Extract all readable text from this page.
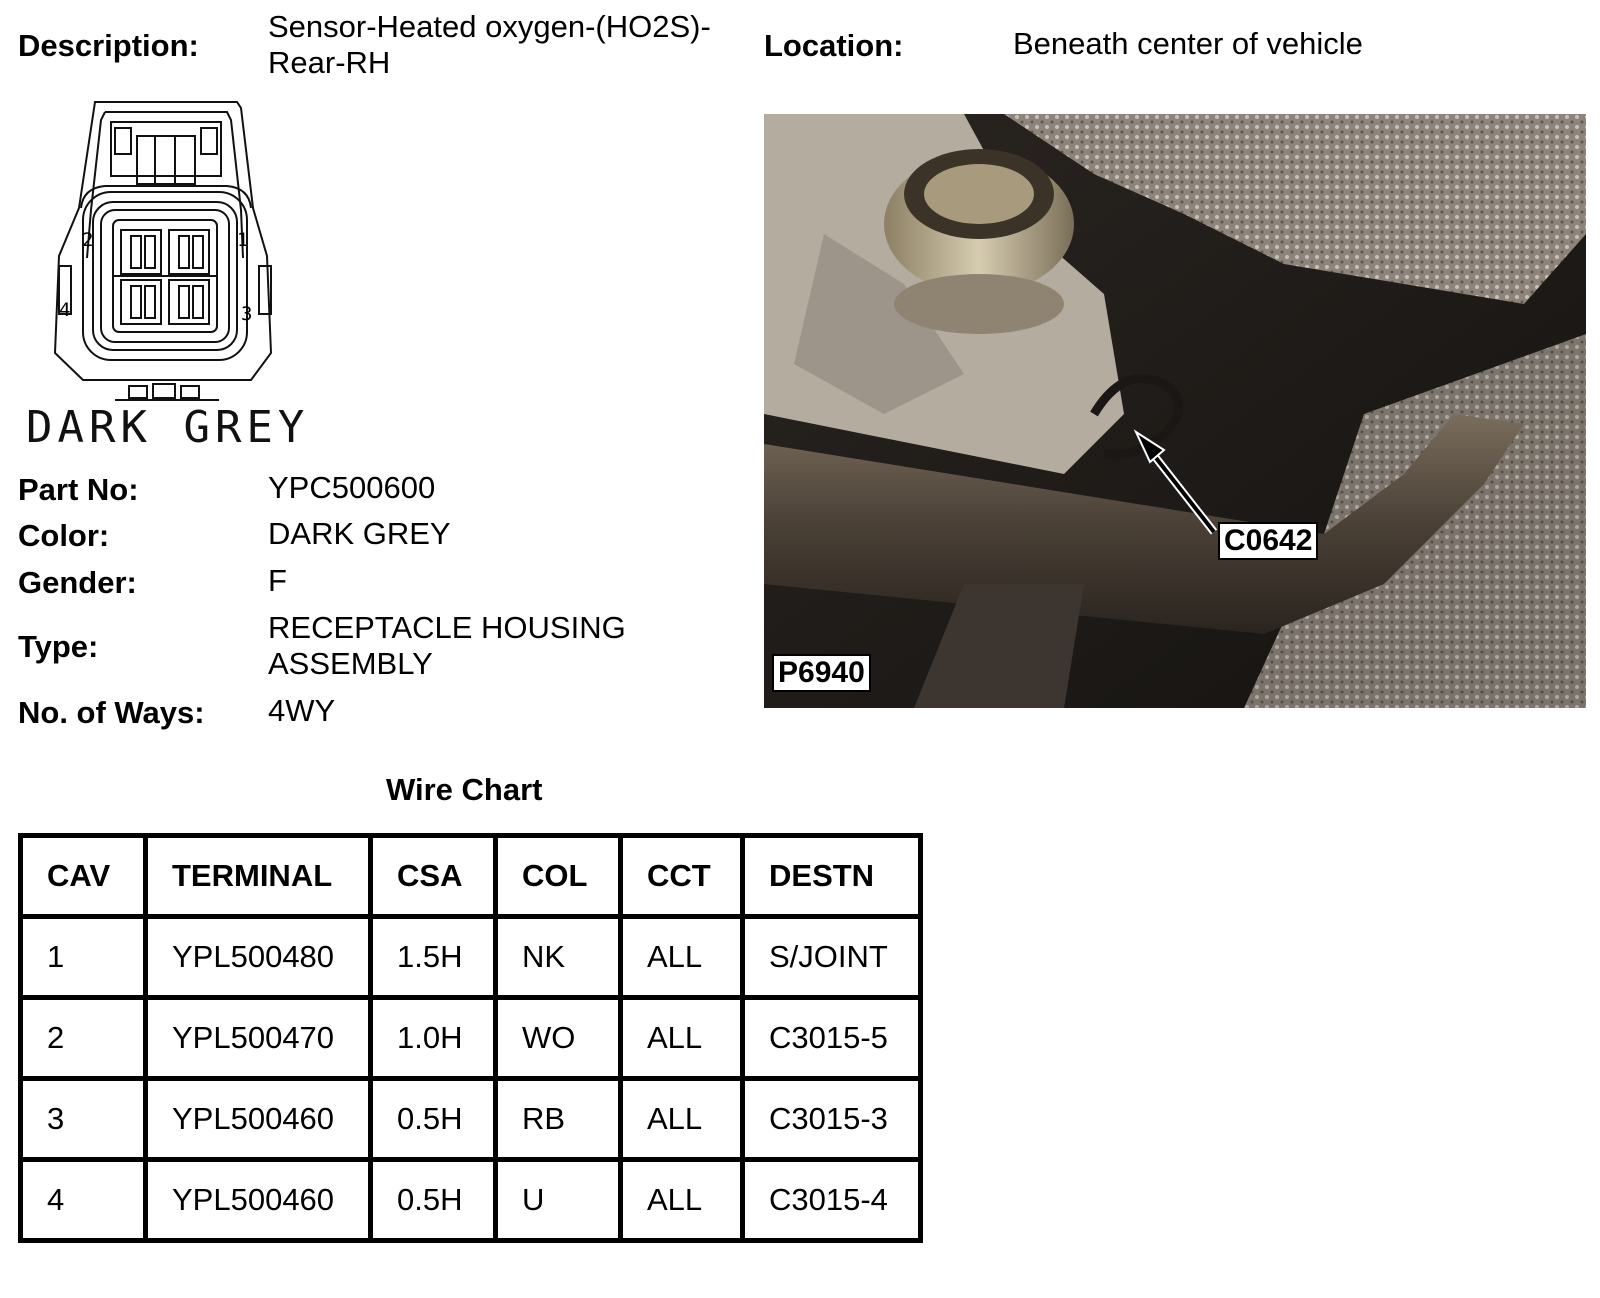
Description:
Sensor-Heated oxygen-(HO2S)-
Rear-RH	Location:	Beneath center of vehicle
2	1
4	3
DARK GREY
Part No:	YPC500600
Color:	DARK GREY
Gender:	F
Type:
RECEPTACLE HOUSING
ASSEMBLY
No. of Ways: 4WY
C0642
P6940
Wire Chart
CAV	TERMINAL	CSA	COL	CCT	DESTN
1	YPL500480	1.5H	NK	ALL	S/JOINT
2	YPL500470	1.0H	WO	ALL	C3015-5
3	YPL500460	0.5H	RB	ALL	C3015-3
4	YPL500460	0.5H	U	ALL	C3015-4
